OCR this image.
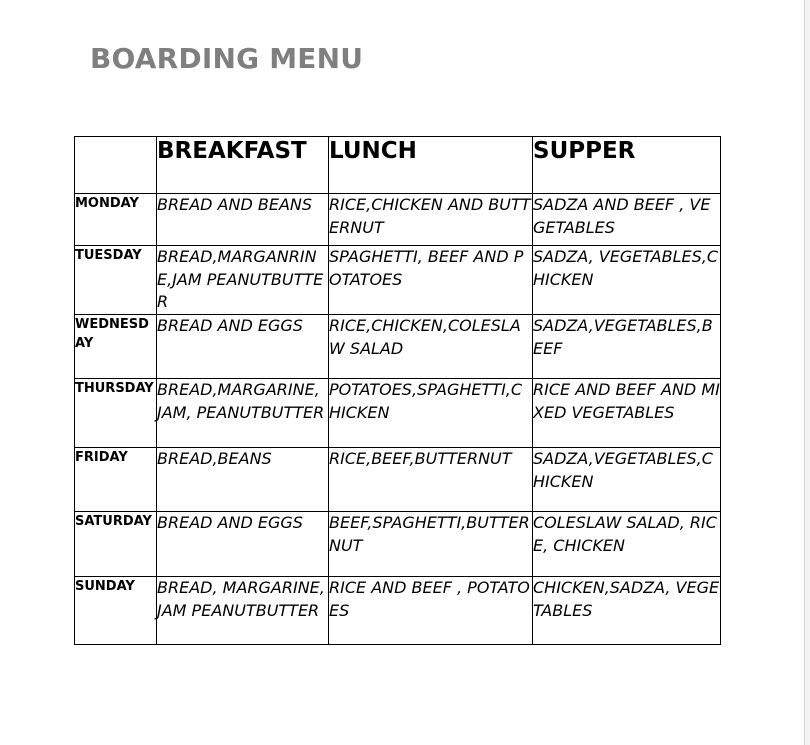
BOARDING MENU
	BREAKFAST	LUNCH	SUPPER
MONDAY	BREAD AND BEANS	RICE,CHICKEN AND BUTTERNUT	SADZA AND BEEF , VEGETABLES
TUESDAY	BREAD,MARGANRINE,JAM PEANUTBUTTER	SPAGHETTI, BEEF AND POTATOES	SADZA, VEGETABLES,CHICKEN
WEDNESDAY	BREAD AND EGGS	RICE,CHICKEN,COLESLAW SALAD	SADZA,VEGETABLES,BEEF
THURSDAY	BREAD,MARGARINE, JAM, PEANUTBUTTER	POTATOES,SPAGHETTI,CHICKEN	RICE AND BEEF AND MIXED VEGETABLES
FRIDAY	BREAD,BEANS	RICE,BEEF,BUTTERNUT	SADZA,VEGETABLES,CHICKEN
SATURDAY	BREAD AND EGGS	BEEF,SPAGHETTI,BUTTERNUT	COLESLAW SALAD, RICE, CHICKEN
SUNDAY	BREAD, MARGARINE,JAM PEANUTBUTTER	RICE AND BEEF , POTATOES	CHICKEN,SADZA, VEGETABLES
